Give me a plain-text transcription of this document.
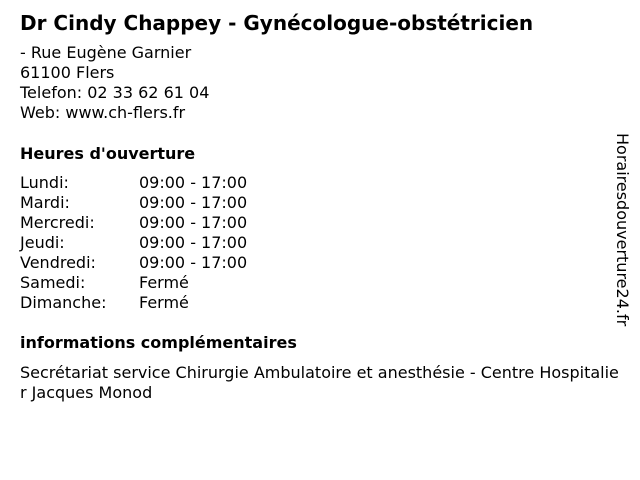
Dr Cindy Chappey - Gynécologue-obstétricien
- Rue Eugène Garnier
61100 Flers
Telefon: 02 33 62 61 04
Web: www.ch-flers.fr
Heures d'ouverture
Lundi:	09:00 - 17:00
Mardi:	09:00 - 17:00
Mercredi:	09:00 - 17:00
Jeudi:	09:00 - 17:00
Vendredi:	09:00 - 17:00
Samedi:	Fermé
Dimanche:	Fermé
informations complémentaires
Secrétariat service Chirurgie Ambulatoire et anesthésie - Centre Hospitalier Jacques Monod
Horairesdouverture24.fr
